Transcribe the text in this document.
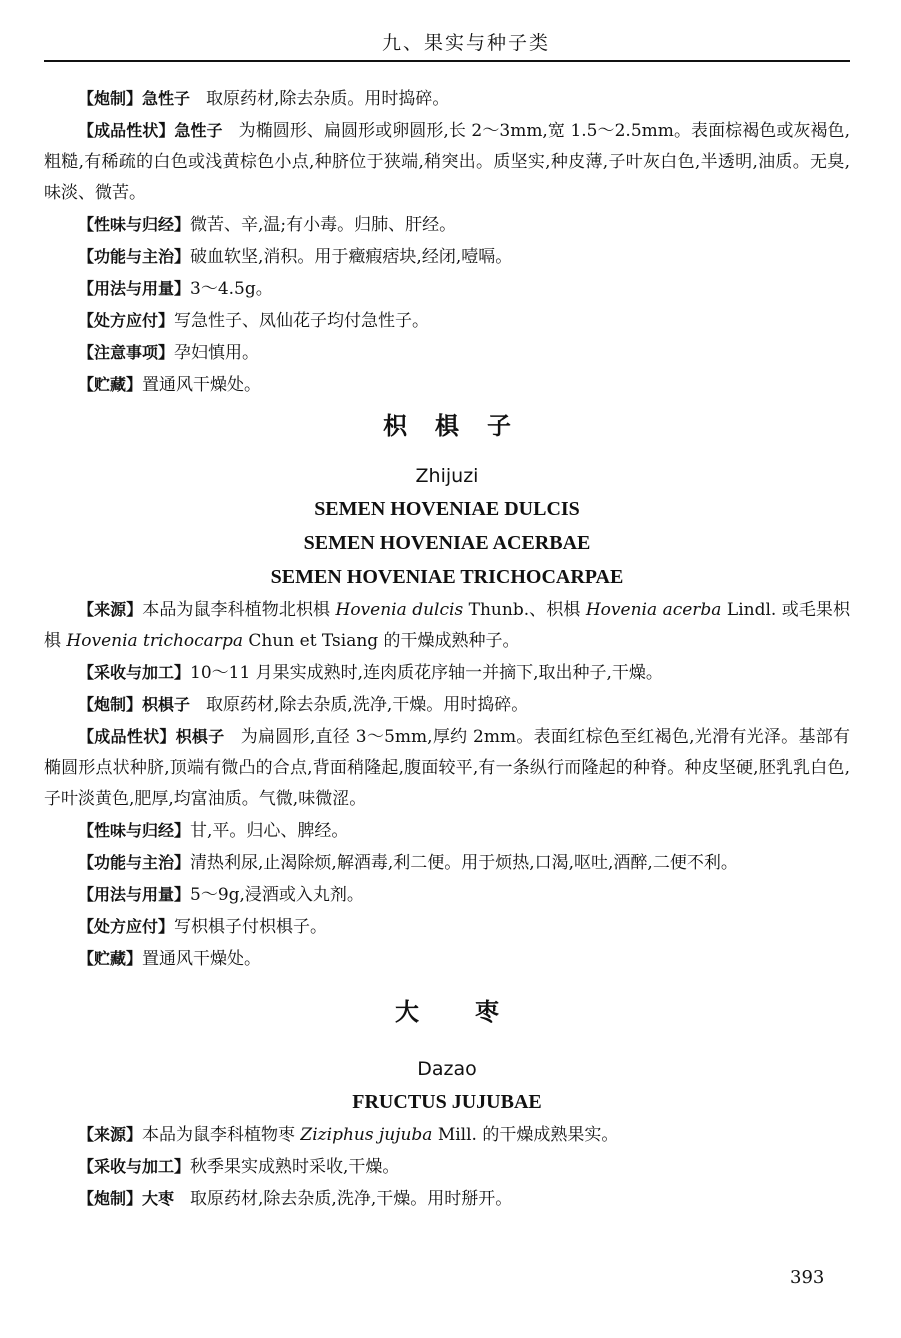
九、果实与种子类

【炮制】急性子 取原药材,除去杂质。用时捣碎。

【成品性状】急性子 为椭圆形、扁圆形或卵圆形,长 2～3mm,宽 1.5～2.5mm。表面棕褐色或灰褐色,粗糙,有稀疏的白色或浅黄棕色小点,种脐位于狭端,稍突出。质坚实,种皮薄,子叶灰白色,半透明,油质。无臭,味淡、微苦。

【性味与归经】微苦、辛,温;有小毒。归肺、肝经。

【功能与主治】破血软坚,消积。用于癥瘕痞块,经闭,噎嗝。

【用法与用量】3～4.5g。

【处方应付】写急性子、凤仙花子均付急性子。

【注意事项】孕妇慎用。

【贮藏】置通风干燥处。

枳椇子
Zhijuzi
SEMEN HOVENIAE DULCIS
SEMEN HOVENIAE ACERBAE
SEMEN HOVENIAE TRICHOCARPAE

【来源】本品为鼠李科植物北枳椇 Hovenia dulcis Thunb.、枳椇 Hovenia acerba Lindl. 或毛果枳椇 Hovenia trichocarpa Chun et Tsiang 的干燥成熟种子。

【采收与加工】10～11 月果实成熟时,连肉质花序轴一并摘下,取出种子,干燥。

【炮制】枳椇子 取原药材,除去杂质,洗净,干燥。用时捣碎。

【成品性状】枳椇子 为扁圆形,直径 3～5mm,厚约 2mm。表面红棕色至红褐色,光滑有光泽。基部有椭圆形点状种脐,顶端有微凸的合点,背面稍隆起,腹面较平,有一条纵行而隆起的种脊。种皮坚硬,胚乳乳白色,子叶淡黄色,肥厚,均富油质。气微,味微涩。

【性味与归经】甘,平。归心、脾经。

【功能与主治】清热利尿,止渴除烦,解酒毒,利二便。用于烦热,口渴,呕吐,酒醉,二便不利。

【用法与用量】5～9g,浸酒或入丸剂。

【处方应付】写枳椇子付枳椇子。

【贮藏】置通风干燥处。

大枣
Dazao
FRUCTUS JUJUBAE

【来源】本品为鼠李科植物枣 Ziziphus jujuba Mill. 的干燥成熟果实。

【采收与加工】秋季果实成熟时采收,干燥。

【炮制】大枣 取原药材,除去杂质,洗净,干燥。用时掰开。

393
